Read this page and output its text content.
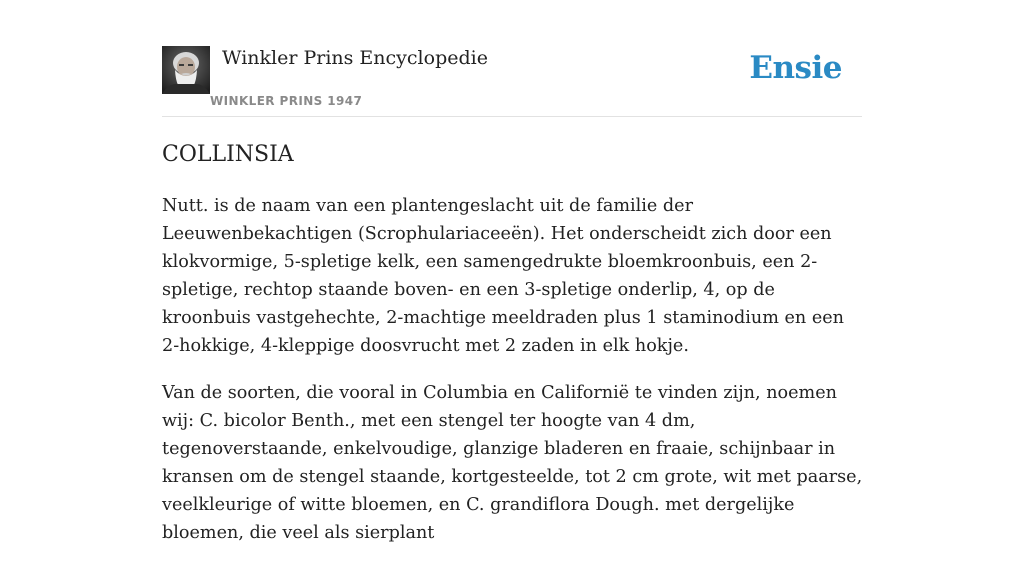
Winkler Prins Encyclopedie
WINKLER PRINS 1947
Ensie
COLLINSIA

Nutt. is de naam van een plantengeslacht uit de familie der Leeuwenbekachtigen (Scrophulariaceeën). Het onderscheidt zich door een klokvormige, 5-spletige kelk, een samengedrukte bloemkroonbuis, een 2-spletige, rechtop staande boven- en een 3-spletige onderlip, 4, op de kroonbuis vastgehechte, 2-machtige meeldraden plus 1 staminodium en een 2-hokkige, 4-kleppige doosvrucht met 2 zaden in elk hokje.

Van de soorten, die vooral in Columbia en Californië te vinden zijn, noemen wij: C. bicolor Benth., met een stengel ter hoogte van 4 dm, tegenoverstaande, enkelvoudige, glanzige bladeren en fraaie, schijnbaar in kransen om de stengel staande, kortgesteelde, tot 2 cm grote, wit met paarse, veelkleurige of witte bloemen, en C. grandiflora Dough. met dergelijke bloemen, die veel als sierplant
